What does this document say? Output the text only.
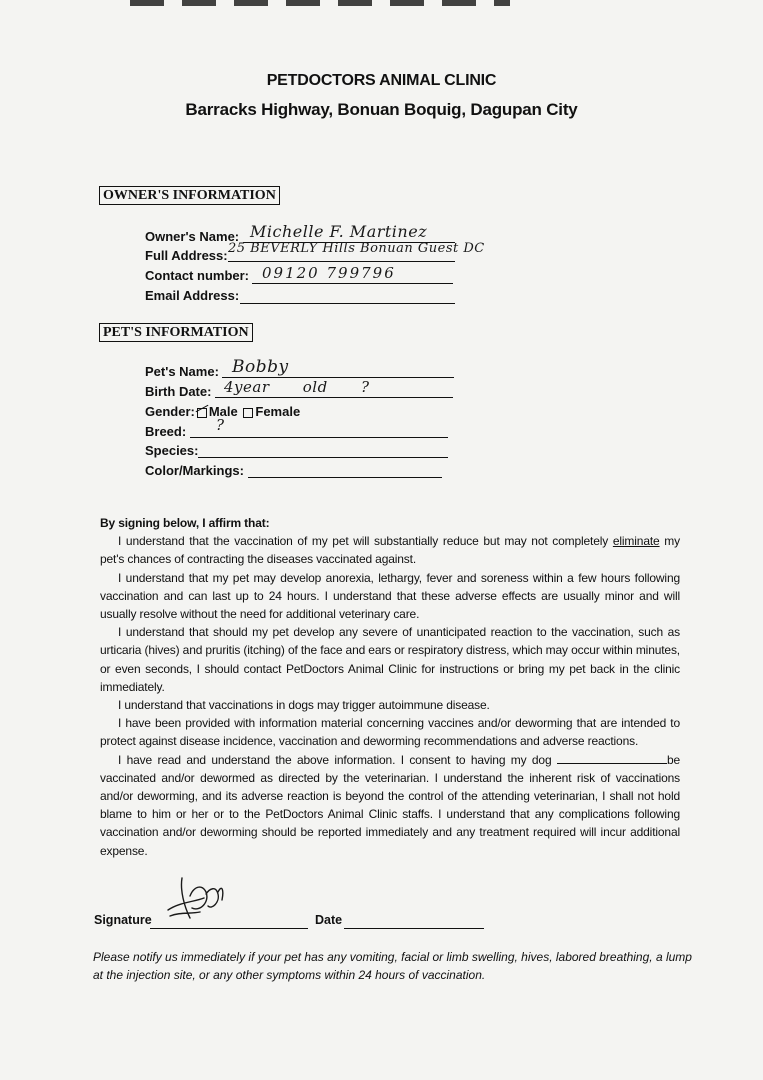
PETDOCTORS ANIMAL CLINIC
Barracks Highway, Bonuan Boquig, Dagupan City
OWNER'S INFORMATION
Owner's Name: Michelle F. Martinez
Full Address: 25 BEVERLY Hills Bonuan Guest DC
Contact number: 09120 799796
Email Address:
PET'S INFORMATION
Pet's Name: Bobby
Birth Date: 4year old ?
Gender: Male Female
Breed: ?
Species:
Color/Markings:

By signing below, I affirm that:

I understand that the vaccination of my pet will substantially reduce but may not completely eliminate my pet's chances of contracting the diseases vaccinated against.

I understand that my pet may develop anorexia, lethargy, fever and soreness within a few hours following vaccination and can last up to 24 hours. I understand that these adverse effects are usually minor and will usually resolve without the need for additional veterinary care.

I understand that should my pet develop any severe of unanticipated reaction to the vaccination, such as urticaria (hives) and pruritis (itching) of the face and ears or respiratory distress, which may occur within minutes, or even seconds, I should contact PetDoctors Animal Clinic for instructions or bring my pet back in the clinic immediately.

I understand that vaccinations in dogs may trigger autoimmune disease.

I have been provided with information material concerning vaccines and/or deworming that are intended to protect against disease incidence, vaccination and deworming recommendations and adverse reactions.

I have read and understand the above information. I consent to having my dog	be vaccinated and/or dewormed as directed by the veterinarian. I understand the inherent risk of vaccinations and/or deworming, and its adverse reaction is beyond the control of the attending veterinarian, I shall not hold blame to him or her or to the PetDoctors Animal Clinic staffs. I understand that any complications following vaccination and/or deworming should be reported immediately and any treatment required will incur additional expense.

Signature	Date
Please notify us immediately if your pet has any vomiting, facial or limb swelling, hives, labored breathing, a lump at the injection site, or any other symptoms within 24 hours of vaccination.
